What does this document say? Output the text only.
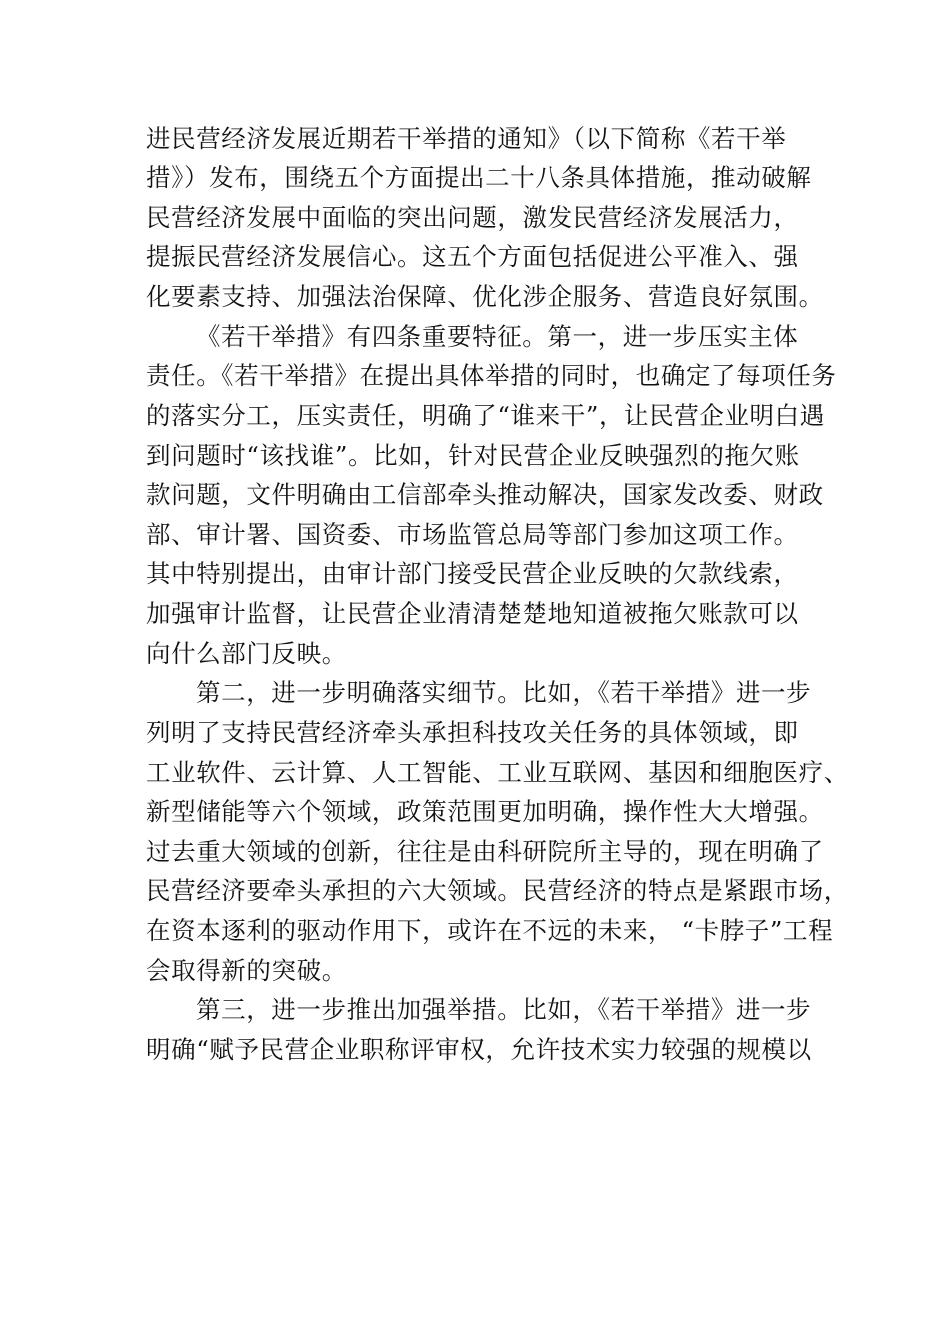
进民营经济发展近期若干举措的通知》（以下简称《若干举
措》）发布，围绕五个方面提出二十八条具体措施，推动破解
民营经济发展中面临的突出问题，激发民营经济发展活力，
提振民营经济发展信心。这五个方面包括促进公平准入、强
化要素支持、加强法治保障、优化涉企服务、营造良好氛围。
《若干举措》有四条重要特征。第一，进一步压实主体
责任。《若干举措》在提出具体举措的同时，也确定了每项任务
的落实分工，压实责任，明确了“谁来干”，让民营企业明白遇
到问题时“该找谁”。比如，针对民营企业反映强烈的拖欠账
款问题，文件明确由工信部牵头推动解决，国家发改委、财政
部、审计署、国资委、市场监管总局等部门参加这项工作。
其中特别提出，由审计部门接受民营企业反映的欠款线索，
加强审计监督，让民营企业清清楚楚地知道被拖欠账款可以
向什么部门反映。
第二，进一步明确落实细节。比如，《若干举措》进一步
列明了支持民营经济牵头承担科技攻关任务的具体领域，即
工业软件、云计算、人工智能、工业互联网、基因和细胞医疗、
新型储能等六个领域，政策范围更加明确，操作性大大增强。
过去重大领域的创新，往往是由科研院所主导的，现在明确了
民营经济要牵头承担的六大领域。民营经济的特点是紧跟市场，
在资本逐利的驱动作用下，或许在不远的未来， “卡脖子”工程
会取得新的突破。
第三，进一步推出加强举措。比如，《若干举措》进一步
明确“赋予民营企业职称评审权，允许技术实力较强的规模以
